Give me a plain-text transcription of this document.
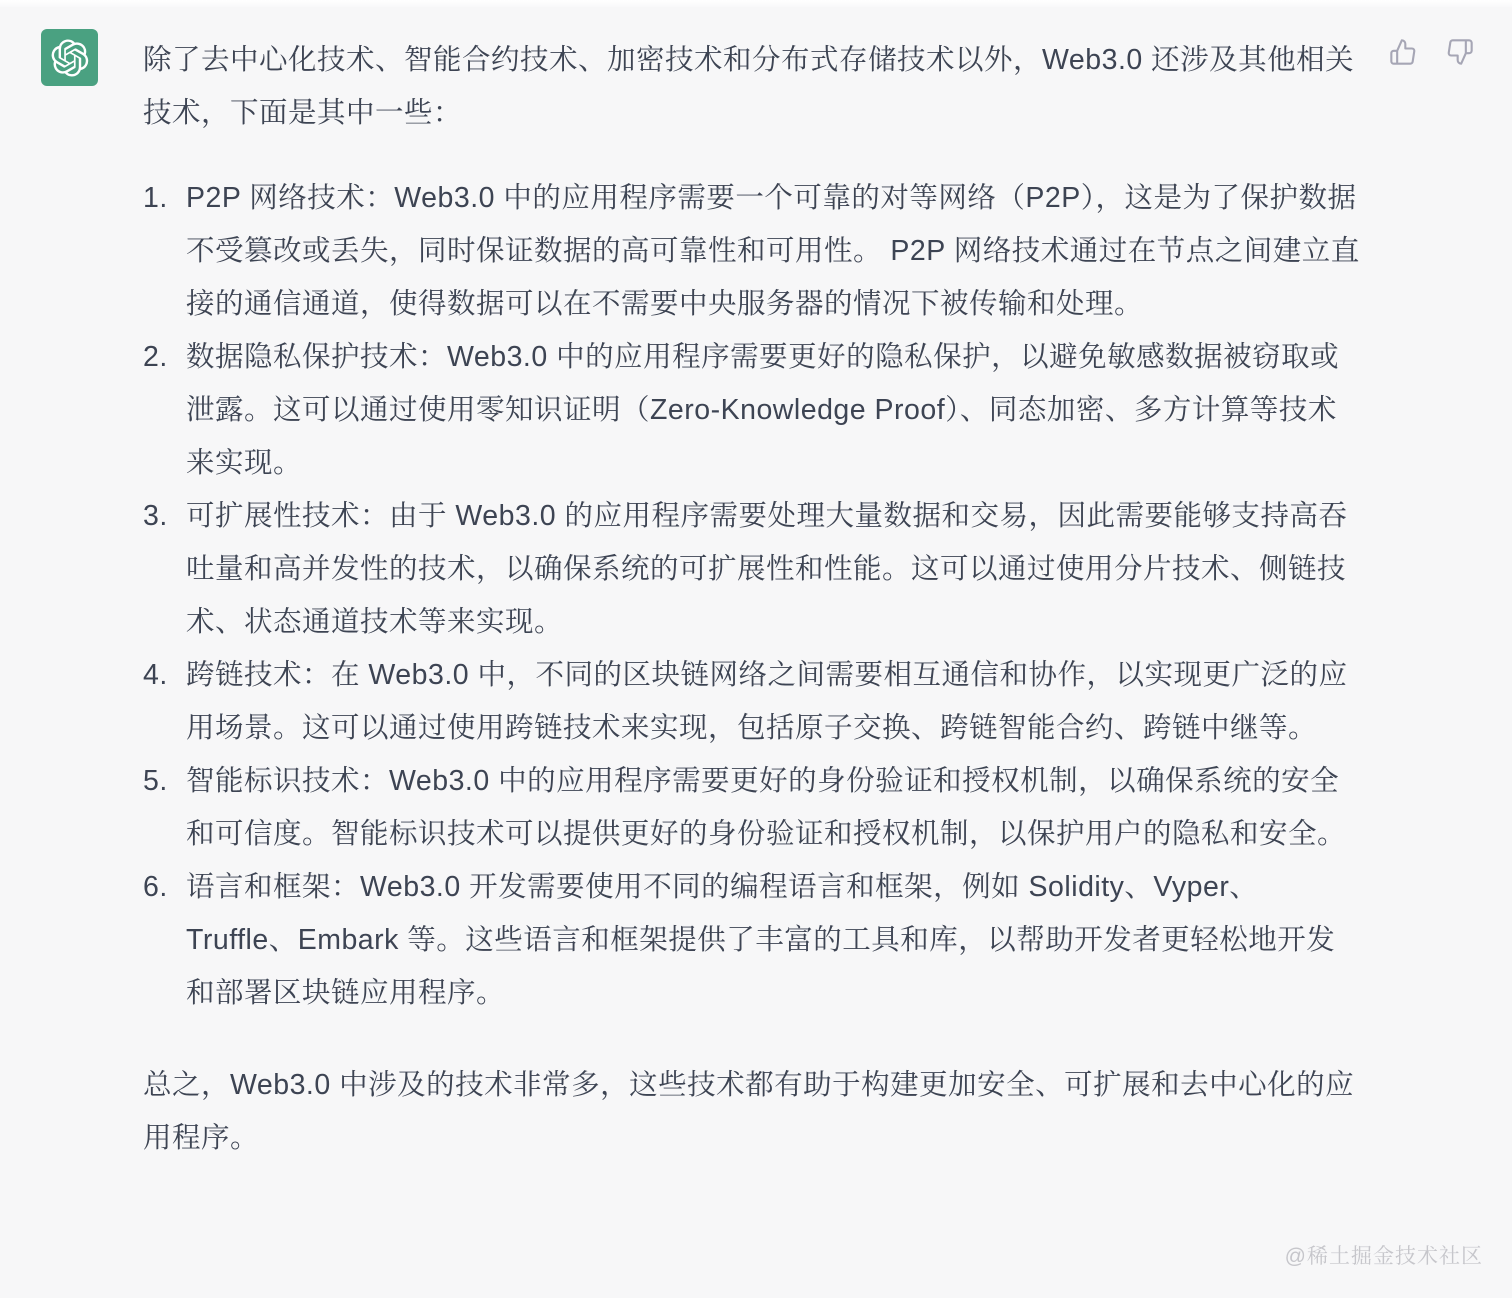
除了去中心化技术、智能合约技术、加密技术和分布式存储技术以外，Web3.0 还涉及其他相关技术，下面是其中一些：

1. P2P 网络技术：Web3.0 中的应用程序需要一个可靠的对等网络（P2P），这是为了保护数据不受篡改或丢失，同时保证数据的高可靠性和可用性。 P2P 网络技术通过在节点之间建立直接的通信通道，使得数据可以在不需要中央服务器的情况下被传输和处理。
2. 数据隐私保护技术：Web3.0 中的应用程序需要更好的隐私保护，以避免敏感数据被窃取或泄露。这可以通过使用零知识证明（Zero-Knowledge Proof）、同态加密、多方计算等技术来实现。
3. 可扩展性技术：由于 Web3.0 的应用程序需要处理大量数据和交易，因此需要能够支持高吞吐量和高并发性的技术，以确保系统的可扩展性和性能。这可以通过使用分片技术、侧链技术、状态通道技术等来实现。
4. 跨链技术：在 Web3.0 中，不同的区块链网络之间需要相互通信和协作，以实现更广泛的应用场景。这可以通过使用跨链技术来实现，包括原子交换、跨链智能合约、跨链中继等。
5. 智能标识技术：Web3.0 中的应用程序需要更好的身份验证和授权机制，以确保系统的安全和可信度。智能标识技术可以提供更好的身份验证和授权机制，以保护用户的隐私和安全。
6. 语言和框架：Web3.0 开发需要使用不同的编程语言和框架，例如 Solidity、Vyper、Truffle、Embark 等。这些语言和框架提供了丰富的工具和库，以帮助开发者更轻松地开发和部署区块链应用程序。

总之，Web3.0 中涉及的技术非常多，这些技术都有助于构建更加安全、可扩展和去中心化的应用程序。

@稀土掘金技术社区
